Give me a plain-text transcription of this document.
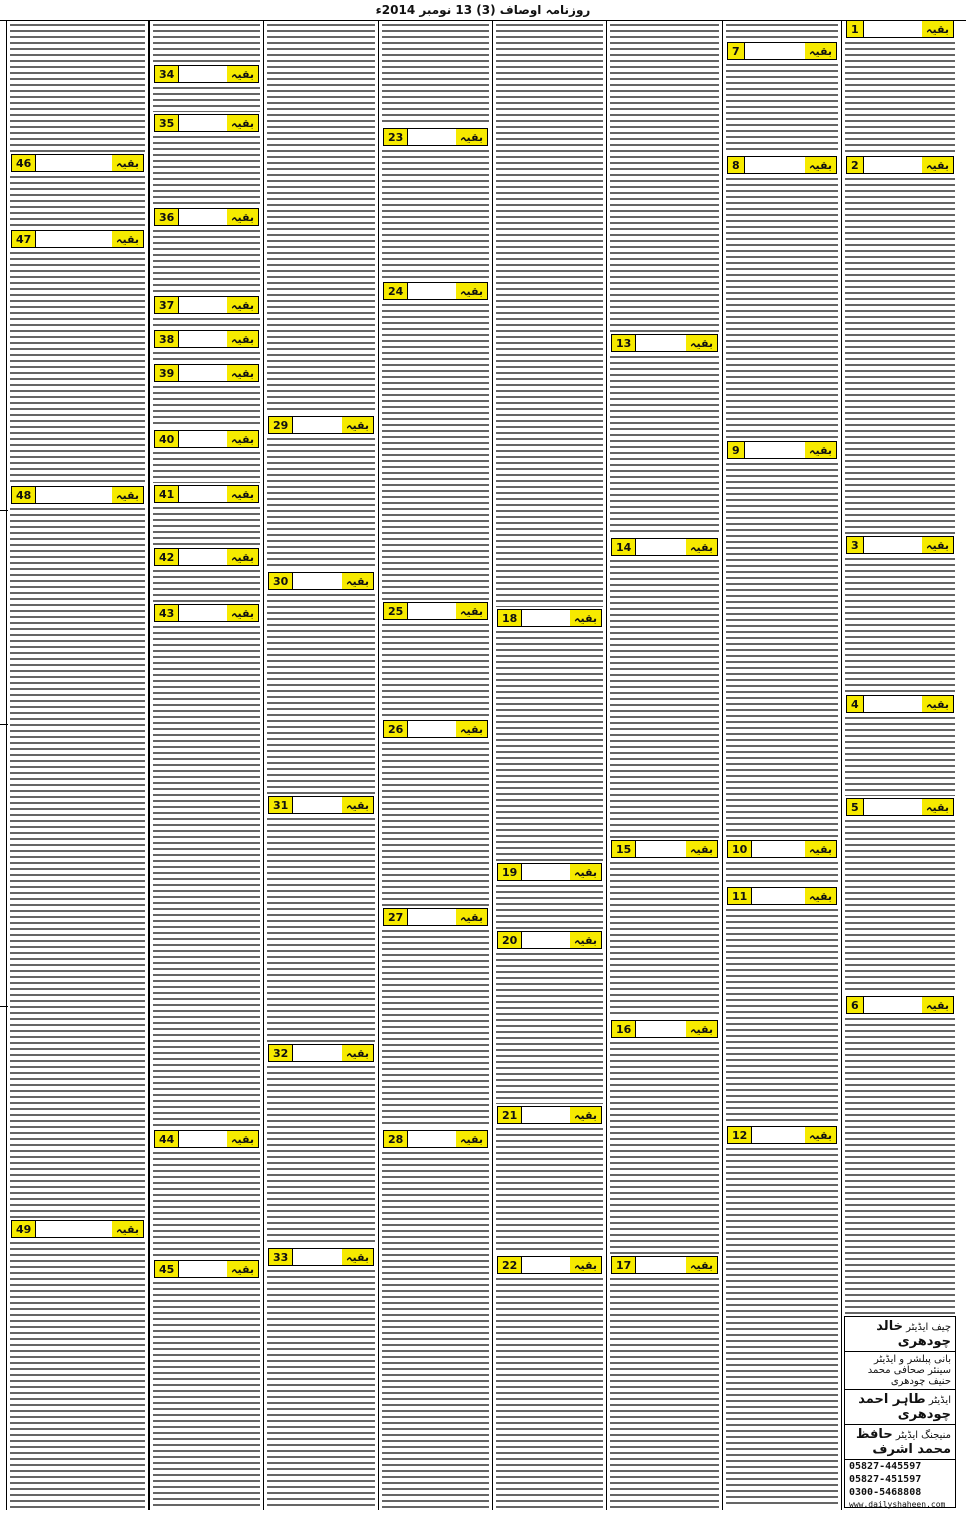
روزنامہ اوصاف (3) 13 نومبر 2014ء
بقیہ
1
بقیہ
2
بقیہ
3
بقیہ
4
بقیہ
5
بقیہ
6
چیف ایڈیٹر خالد چودھری
بانی پبلشر و ایڈیٹر سینئر صحافی محمد حنیف چودھری
ایڈیٹر طاہر احمد چودھری
منیجنگ ایڈیٹر حافظ محمد اشرف
05827-445597
05827-451597
0300-5468808
www.dailyshaheen.com
بقیہ
7
بقیہ
8
بقیہ
9
بقیہ
10
بقیہ
11
بقیہ
12
بقیہ
13
بقیہ
14
بقیہ
15
بقیہ
16
بقیہ
17
بقیہ
18
بقیہ
19
بقیہ
20
بقیہ
21
بقیہ
22
بقیہ
23
بقیہ
24
بقیہ
25
بقیہ
26
بقیہ
27
بقیہ
28
بقیہ
29
بقیہ
30
بقیہ
31
بقیہ
32
بقیہ
33
بقیہ
34
بقیہ
35
بقیہ
36
بقیہ
37
بقیہ
38
بقیہ
39
بقیہ
40
بقیہ
41
بقیہ
42
بقیہ
43
بقیہ
44
بقیہ
45
بقیہ
46
بقیہ
47
بقیہ
48
بقیہ
49
